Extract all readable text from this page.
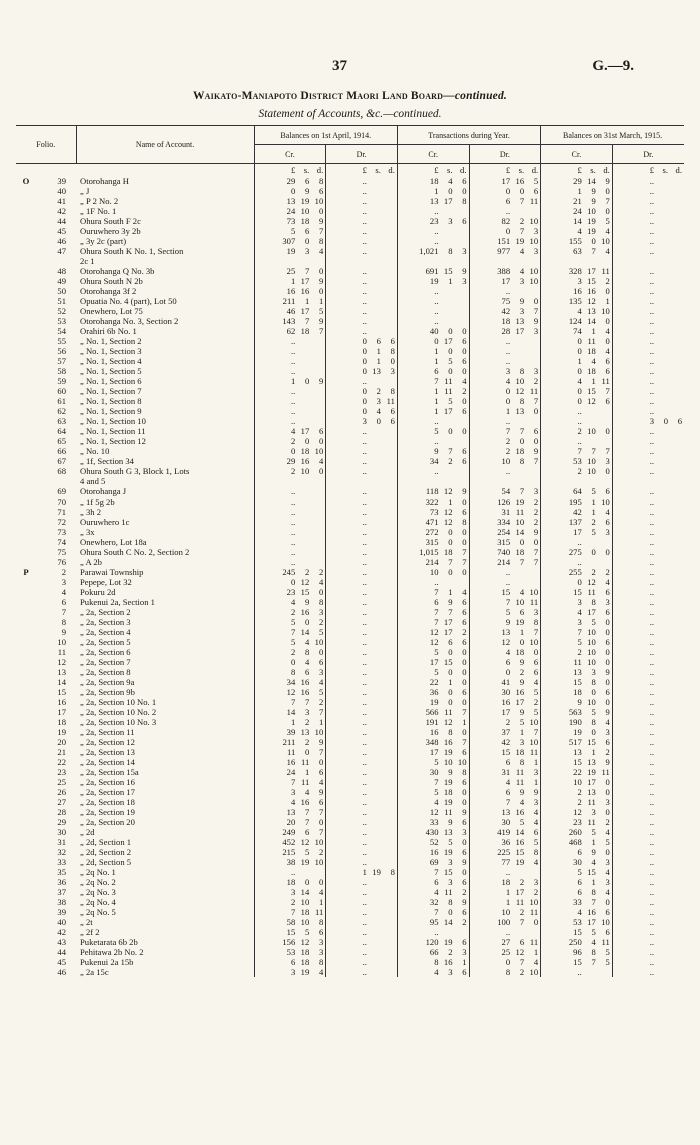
37	G.—9.
Waikato-Maniapoto District Maori Land Board—continued.
Statement of Accounts, &c.—continued.
Folio.		Name of Account.	Balances on 1st April, 1914.		Transactions during Year.		Balances on 31st March, 1915.	
			Cr.	Dr.	Cr.	Dr.	Cr.	Dr.

			£ s. d.	£ s. d.	£ s. d.	£ s. d.	£ s. d.	£ s. d.

O	39	Otorohanga H	29 6 8	..	18 4 6	17 16 5	29 14 9	..

	40	„ J	0 9 6	..	1 0 0	0 0 6	1 9 0	..

	41	„ P 2 No. 2	13 19 10	..	13 17 8	6 7 11	21 9 7	..

	42	„ 1F No. 1	24 10 0	..	..	..	24 10 0	..

	44	Ohura South F 2c	73 18 9	..	23 3 6	82 2 10	14 19 5	..

	45	Ouruwhero 3y 2b	5 6 7	..	..	0 7 3	4 19 4	..

	46	„ 3y 2c (part)	307 0 8	..	..	151 19 10	155 0 10	..

	47	Ohura South K No. 1, Section	19 3 4	..	1,021 8 3	977 4 3	63 7 4	..

		2c 1	

	48	Otorohanga Q No. 3b	25 7 0	..	691 15 9	388 4 10	328 17 11	..

	49	Ohura South N 2b	1 17 9	..	19 1 3	17 3 10	3 15 2	..

	50	Otorohanga 3f 2	16 16 0	..	..	..	16 16 0	..

	51	Opuatia No. 4 (part), Lot 50	211 1 1	..	..	75 9 0	135 12 1	..

	52	Onewhero, Lot 75	46 17 5	..	..	42 3 7	4 13 10	..

	53	Otorohanga No. 3, Section 2	143 7 9	..	..	18 13 9	124 14 0	..

	54	Orahiri 6b No. 1	62 18 7	..	40 0 0	28 17 3	74 1 4	..

	55	„ No. 1, Section 2	..	0 6 6	0 17 6	..	0 11 0	..

	56	„ No. 1, Section 3	..	0 1 8	1 0 0	..	0 18 4	..

	57	„ No. 1, Section 4	..	0 1 0	1 5 6	..	1 4 6	..

	58	„ No. 1, Section 5	..	0 13 3	6 0 0	3 8 3	0 18 6	..

	59	„ No. 1, Section 6	1 0 9	..	7 11 4	4 10 2	4 1 11	..

	60	„ No. 1, Section 7	..	0 2 8	1 11 2	0 12 11	0 15 7	..

	61	„ No. 1, Section 8	..	0 3 11	1 5 0	0 8 7	0 12 6	..

	62	„ No. 1, Section 9	..	0 4 6	1 17 6	1 13 0	..	..

	63	„ No. 1, Section 10	..	3 0 6	..	..	..	3 0 6

	64	„ No. 1, Section 11	4 17 6	..	5 0 0	7 7 6	2 10 0	..

	65	„ No. 1, Section 12	2 0 0	..	..	2 0 0	..	..

	66	„ No. 10	0 18 10	..	9 7 6	2 18 9	7 7 7	..

	67	„ 1f, Section 34	29 16 4	..	34 2 6	10 8 7	53 10 3	..

	68	Ohura South G 3, Block 1, Lots	2 10 0	..	..	..	2 10 0	..

		4 and 5	

	69	Otorohanga J	..	..	118 12 9	54 7 3	64 5 6	..

	70	„ 1f 5g 2b	..	..	322 1 0	126 19 2	195 1 10	..

	71	„ 3h 2	..	..	73 12 6	31 11 2	42 1 4	..

	72	Ouruwhero 1c	..	..	471 12 8	334 10 2	137 2 6	..

	73	„ 3x	..	..	272 0 0	254 14 9	17 5 3	..

	74	Onewhero, Lot 18a	..	..	315 0 0	315 0 0	..	..

	75	Ohura South C No. 2, Section 2	..	..	1,015 18 7	740 18 7	275 0 0	..

	76	„ A 2b	..	..	214 7 7	214 7 7	..	..

P	2	Parawai Township	245 2 2	..	10 0 0	..	255 2 2	..

	3	Pepepe, Lot 32	0 12 4	..	..	..	0 12 4	..

	4	Pokuru 2d	23 15 0	..	7 1 4	15 4 10	15 11 6	..

	6	Pukenui 2a, Section 1	4 9 8	..	6 9 6	7 10 11	3 8 3	..

	7	„ 2a, Section 2	2 16 3	..	7 7 6	5 6 3	4 17 6	..

	8	„ 2a, Section 3	5 0 2	..	7 17 6	9 19 8	3 5 0	..

	9	„ 2a, Section 4	7 14 5	..	12 17 2	13 1 7	7 10 0	..

	10	„ 2a, Section 5	5 4 10	..	12 6 6	12 0 10	5 10 6	..

	11	„ 2a, Section 6	2 8 0	..	5 0 0	4 18 0	2 10 0	..

	12	„ 2a, Section 7	0 4 6	..	17 15 0	6 9 6	11 10 0	..

	13	„ 2a, Section 8	8 6 3	..	5 0 0	0 2 6	13 3 9	..

	14	„ 2a, Section 9a	34 16 4	..	22 1 0	41 9 4	15 8 0	..

	15	„ 2a, Section 9b	12 16 5	..	36 0 6	30 16 5	18 0 6	..

	16	„ 2a, Section 10 No. 1	7 7 2	..	19 0 0	16 17 2	9 10 0	..

	17	„ 2a, Section 10 No. 2	14 3 7	..	566 11 7	17 9 5	563 5 9	..

	18	„ 2a, Section 10 No. 3	1 2 1	..	191 12 1	2 5 10	190 8 4	..

	19	„ 2a, Section 11	39 13 10	..	16 8 0	37 1 7	19 0 3	..

	20	„ 2a, Section 12	211 2 9	..	348 16 7	42 3 10	517 15 6	..

	21	„ 2a, Section 13	11 0 7	..	17 19 6	15 18 11	13 1 2	..

	22	„ 2a, Section 14	16 11 0	..	5 10 10	6 8 1	15 13 9	..

	23	„ 2a, Section 15a	24 1 6	..	30 9 8	31 11 3	22 19 11	..

	25	„ 2a, Section 16	7 11 4	..	7 19 6	4 11 1	10 17 0	..

	26	„ 2a, Section 17	3 4 9	..	5 18 0	6 9 9	2 13 0	..

	27	„ 2a, Section 18	4 16 6	..	4 19 0	7 4 3	2 11 3	..

	28	„ 2a, Section 19	13 7 7	..	12 11 9	13 16 4	12 3 0	..

	29	„ 2a, Section 20	20 7 0	..	33 9 6	30 5 4	23 11 2	..

	30	„ 2d	249 6 7	..	430 13 3	419 14 6	260 5 4	..

	31	„ 2d, Section 1	452 12 10	..	52 5 0	36 16 5	468 1 5	..

	32	„ 2d, Section 2	215 5 2	..	16 19 6	225 15 8	6 9 0	..

	33	„ 2d, Section 5	38 19 10	..	69 3 9	77 19 4	30 4 3	..

	35	„ 2q No. 1	..	1 19 8	7 15 0	..	5 15 4	..

	36	„ 2q No. 2	18 0 0	..	6 3 6	18 2 3	6 1 3	..

	37	„ 2q No. 3	3 14 4	..	4 11 2	1 17 2	6 8 4	..

	38	„ 2q No. 4	2 10 1	..	32 8 9	1 11 10	33 7 0	..

	39	„ 2q No. 5	7 18 11	..	7 0 6	10 2 11	4 16 6	..

	40	„ 2t	58 10 8	..	95 14 2	100 7 0	53 17 10	..

	42	„ 2f 2	15 5 6	..	..	..	15 5 6	..

	43	Puketarata 6b 2b	156 12 3	..	120 19 6	27 6 11	250 4 11	..

	44	Pehitawa 2b No. 2	53 18 3	..	66 2 3	25 12 1	96 8 5	..

	45	Pukenui 2a 15b	6 18 8	..	8 16 1	0 7 4	15 7 5	..

	46	„ 2a 15c	3 19 4	..	4 3 6	8 2 10	..	..
